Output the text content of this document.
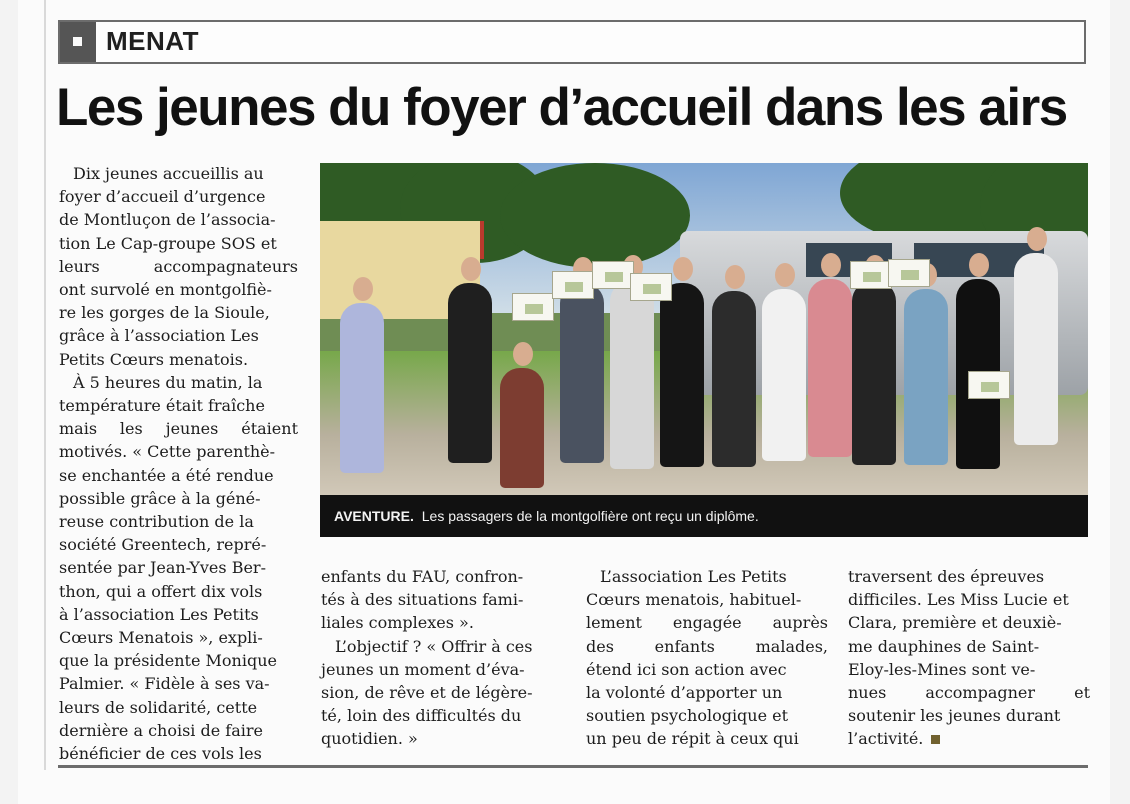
MENAT
Les jeunes du foyer d’accueil dans les airs
AVENTURE. Les passagers de la montgolfière ont reçu un diplôme.
Dix jeunes accueillis au
foyer d’accueil d’urgence
de Montluçon de l’associa-
tion Le Cap-groupe SOS et
leurs accompagnateurs
ont survolé en montgolfiè-
re les gorges de la Sioule,
grâce à l’association Les
Petits Cœurs menatois.
À 5 heures du matin, la
température était fraîche
mais les jeunes étaient
motivés. « Cette parenthè-
se enchantée a été rendue
possible grâce à la géné-
reuse contribution de la
société Greentech, repré-
sentée par Jean-Yves Ber-
thon, qui a offert dix vols
à l’association Les Petits
Cœurs Menatois », expli-
que la présidente Monique
Palmier. « Fidèle à ses va-
leurs de solidarité, cette
dernière a choisi de faire
bénéficier de ces vols les
enfants du FAU, confron-
tés à des situations fami-
liales complexes ».
L’objectif ? « Offrir à ces
jeunes un moment d’éva-
sion, de rêve et de légère-
té, loin des difficultés du
quotidien. »
L’association Les Petits
Cœurs menatois, habituel-
lement engagée auprès
des enfants malades,
étend ici son action avec
la volonté d’apporter un
soutien psychologique et
un peu de répit à ceux qui
traversent des épreuves
difficiles. Les Miss Lucie et
Clara, première et deuxiè-
me dauphines de Saint-
Eloy-les-Mines sont ve-
nues accompagner et
soutenir les jeunes durant
l’activité.
